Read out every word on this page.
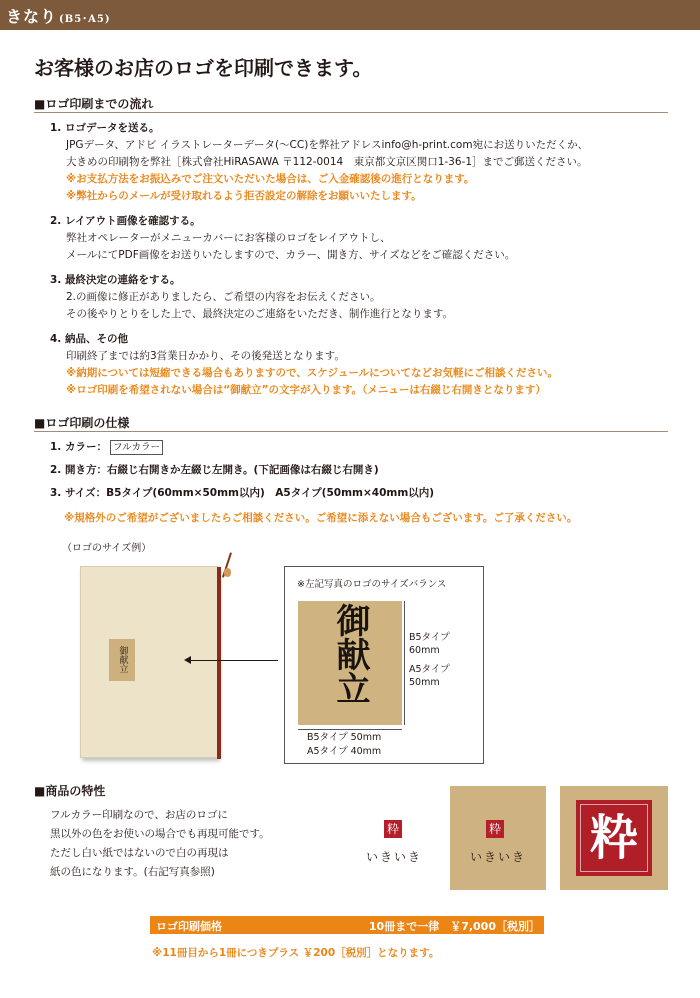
きなり (B5･A5)
お客様のお店のロゴを印刷できます。
■ロゴ印刷までの流れ
1. ロゴデータを送る。
JPGデータ、アドビ イラストレーターデータ(〜CC)を弊社アドレスinfo@h-print.com宛にお送りいただくか、
大きめの印刷物を弊社［株式會社HiRASAWA 〒112-0014　東京都文京区関口1-36-1］までご郵送ください。
※お支払方法をお振込みでご注文いただいた場合は、ご入金確認後の進行となります。
※弊社からのメールが受け取れるよう拒否設定の解除をお願いいたします。
2. レイアウト画像を確認する。
弊社オペレーターがメニューカバーにお客様のロゴをレイアウトし、
メールにてPDF画像をお送りいたしますので、カラー、開き方、サイズなどをご確認ください。
3. 最終決定の連絡をする。
2.の画像に修正がありましたら、ご希望の内容をお伝えください。
その後やりとりをした上で、最終決定のご連絡をいただき、制作進行となります。
4. 納品、その他
印刷終了までは約3営業日かかり、その後発送となります。
※納期については短縮できる場合もありますので、スケジュールについてなどお気軽にご相談ください。
※ロゴ印刷を希望されない場合は“御献立”の文字が入ります。（メニューは右綴じ右開きとなります）
■ロゴ印刷の仕様
1. カラー： フルカラー
2. 開き方：右綴じ右開きか左綴じ左開き。(下記画像は右綴じ右開き)
3. サイズ：B5タイプ(60mm×50mm以内)　A5タイプ(50mm×40mm以内)
※規格外のご希望がございましたらご相談ください。ご希望に添えない場合もございます。ご了承ください。
（ロゴのサイズ例）
御献立
※左記写真のロゴのサイズバランス
御献立	B5タイプ
60mm
A5タイプ
50mm
B5タイプ 50mm
A5タイプ 40mm
■商品の特性
フルカラー印刷なので、お店のロゴに
黒以外の色をお使いの場合でも再現可能です。
ただし白い紙ではないので白の再現は
紙の色になります。(右記写真参照)
粋
いきいき
粋
いきいき 粋
ロゴ印刷価格	10冊まで一律　￥7,000［税別］
※11冊目から1冊につきプラス ￥200［税別］となります。
